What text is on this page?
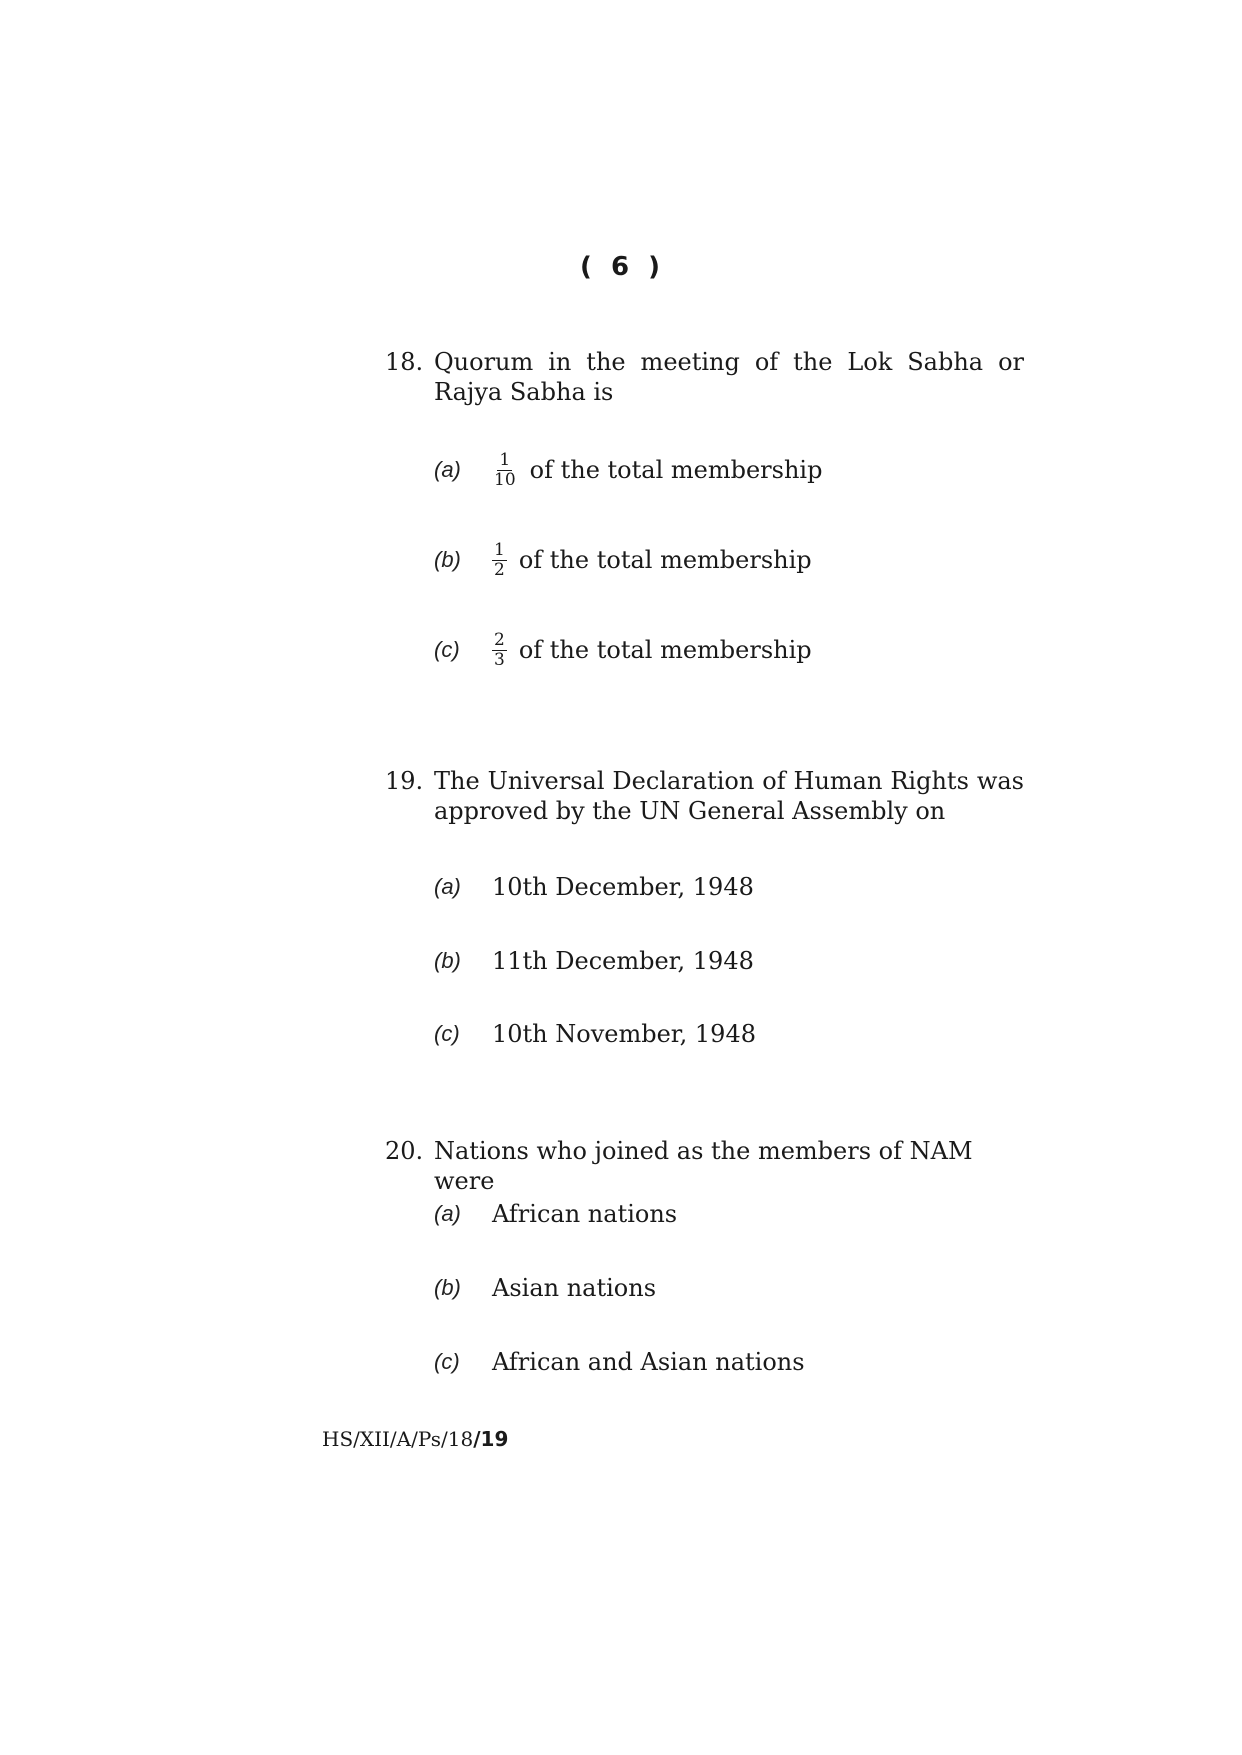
( 6 )
18. Quorum in the meeting of the Lok Sabha or Rajya Sabha is
(a)	$\frac{1}{10}$ of the total membership
(b)	$\frac{1}{2}$ of the total membership
(c)	$\frac{2}{3}$ of the total membership
19. The Universal Declaration of Human Rights was approved by the UN General Assembly on
(a)	10th December, 1948
(b)	11th December, 1948
(c)	10th November, 1948
20. Nations who joined as the members of NAM were
(a)	African nations
(b)	Asian nations
(c)	African and Asian nations
HS/XII/A/Ps/18/19
